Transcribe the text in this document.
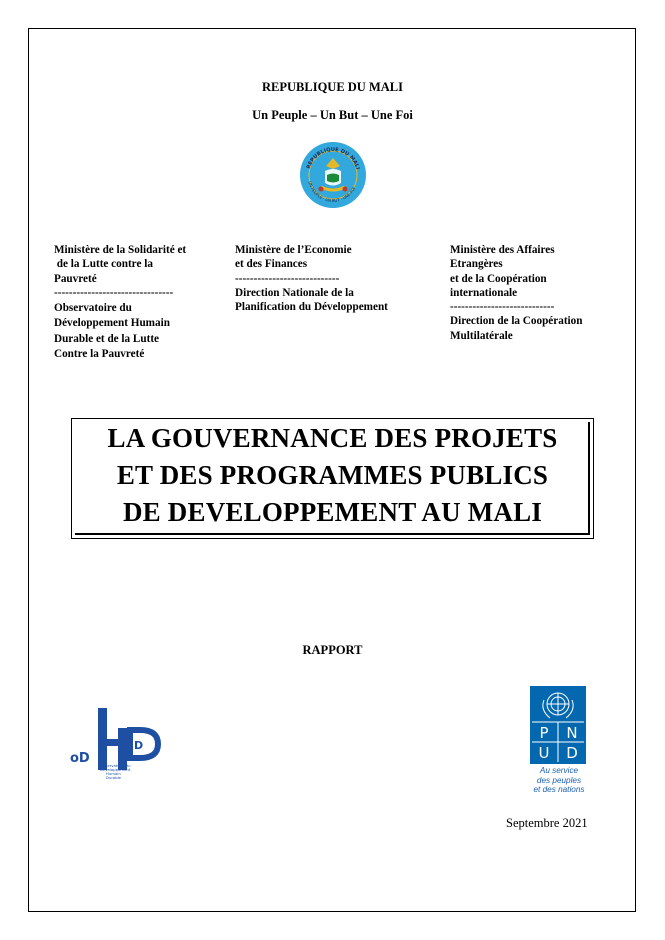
REPUBLIQUE DU MALI
Un Peuple – Un But – Une Foi
REPUBLIQUE DU MALI
UN PEUPLE · UN BUT · UNE FOI
Ministère de la Solidarité et
de la Lutte contre la
Pauvreté
--------------------------------
Observatoire du
Développement Humain
Durable et de la Lutte
Contre la Pauvreté
Ministère de l’Economie
et des Finances
----------------------------
Direction Nationale de la
Planification du Développement
Ministère des Affaires
Etrangères
et de la Coopération
internationale
----------------------------
Direction de la Coopération
Multilatérale
LA GOUVERNANCE DES PROJETS
ET DES PROGRAMMES PUBLICS
DE DEVELOPPEMENT AU MALI
RAPPORT
oD
D
Observatoire du
Développement
Humain
Durable
P N
U D
Au service
des peuples
et des nations
Septembre 2021
